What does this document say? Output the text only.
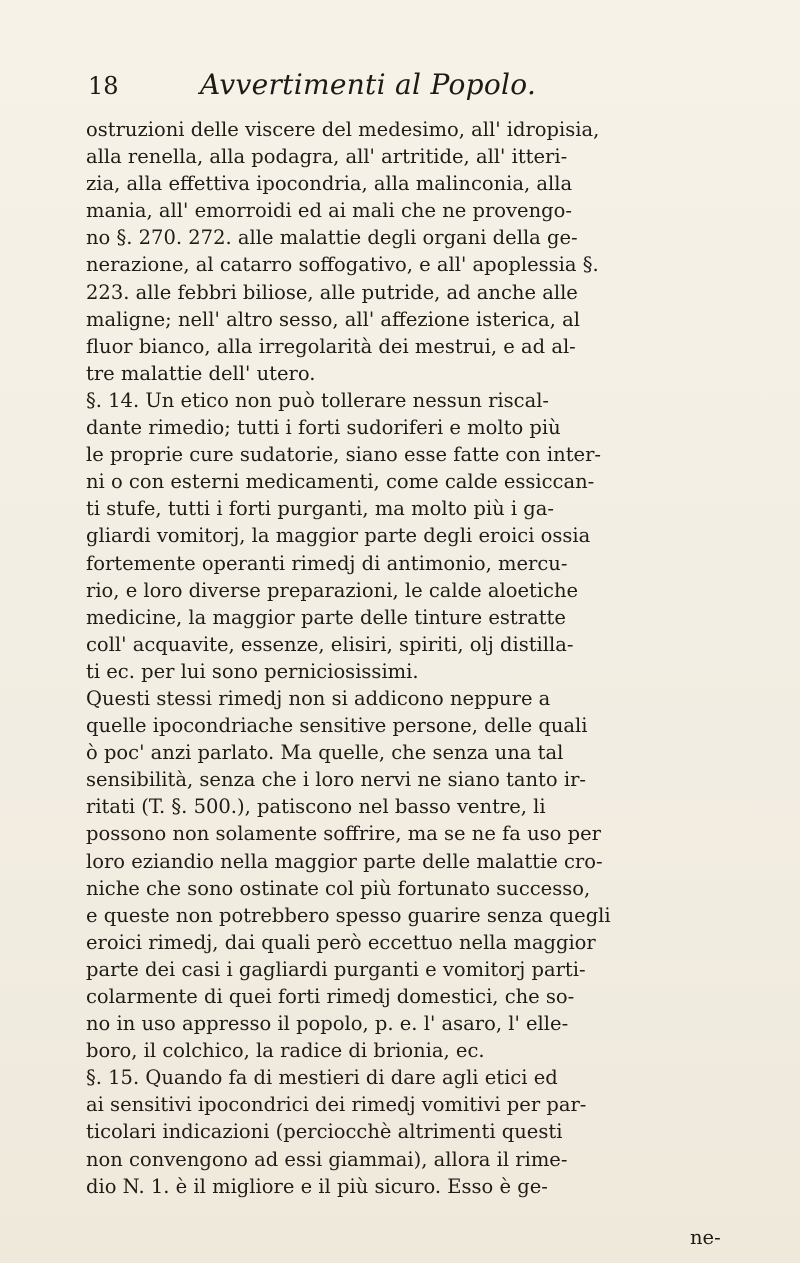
18	Avvertimenti al Popolo.
ostruzioni delle viscere del medesimo, all' idropisia,
alla renella, alla podagra, all' artritide, all' itteri-
zia, alla effettiva ipocondria, alla malinconia, alla
mania, all' emorroidi ed ai mali che ne provengo-
no §. 270. 272. alle malattie degli organi della ge-
nerazione, al catarro soffogativo, e all' apoplessia §.
223. alle febbri biliose, alle putride, ad anche alle
maligne; nell' altro sesso, all' affezione isterica, al
fluor bianco, alla irregolarità dei mestrui, e ad al-
tre malattie dell' utero.
§. 14. Un etico non può tollerare nessun riscal-
dante rimedio; tutti i forti sudoriferi e molto più
le proprie cure sudatorie, siano esse fatte con inter-
ni o con esterni medicamenti, come calde essiccan-
ti stufe, tutti i forti purganti, ma molto più i ga-
gliardi vomitorj, la maggior parte degli eroici ossia
fortemente operanti rimedj di antimonio, mercu-
rio, e loro diverse preparazioni, le calde aloetiche
medicine, la maggior parte delle tinture estratte
coll' acquavite, essenze, elisiri, spiriti, olj distilla-
ti ec. per lui sono perniciosissimi.
Questi stessi rimedj non si addicono neppure a
quelle ipocondriache sensitive persone, delle quali
ò poc' anzi parlato. Ma quelle, che senza una tal
sensibilità, senza che i loro nervi ne siano tanto ir-
ritati (T. §. 500.), patiscono nel basso ventre, li
possono non solamente soffrire, ma se ne fa uso per
loro eziandio nella maggior parte delle malattie cro-
niche che sono ostinate col più fortunato successo,
e queste non potrebbero spesso guarire senza quegli
eroici rimedj, dai quali però eccettuo nella maggior
parte dei casi i gagliardi purganti e vomitorj parti-
colarmente di quei forti rimedj domestici, che so-
no in uso appresso il popolo, p. e. l' asaro, l' elle-
boro, il colchico, la radice di brionia, ec.
§. 15. Quando fa di mestieri di dare agli etici ed
ai sensitivi ipocondrici dei rimedj vomitivi per par-
ticolari indicazioni (perciocchè altrimenti questi
non convengono ad essi giammai), allora il rime-
dio N. 1. è il migliore e il più sicuro. Esso è ge-
ne-
